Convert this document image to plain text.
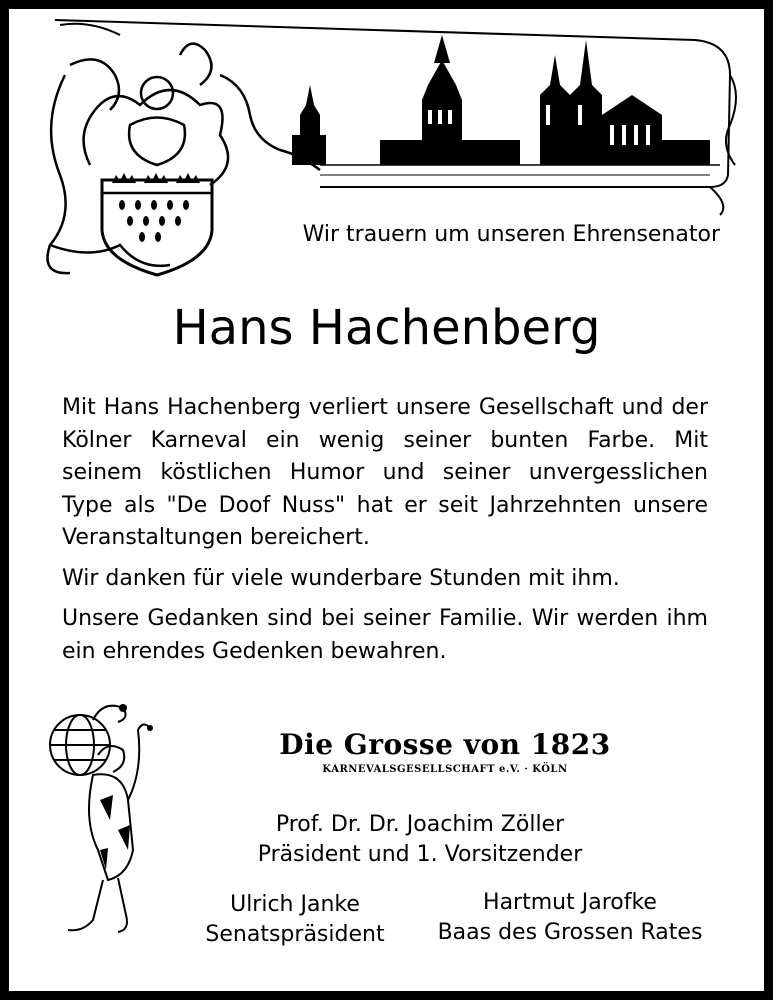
Wir trauern um unseren Ehrensenator
Hans Hachenberg

Mit Hans Hachenberg verliert unsere Gesellschaft und der Kölner Karneval ein wenig seiner bunten Farbe. Mit seinem köstlichen Humor und seiner unvergesslichen Type als "De Doof Nuss" hat er seit Jahrzehnten unsere Veranstaltungen bereichert.

Wir danken für viele wunderbare Stunden mit ihm.

Unsere Gedanken sind bei seiner Familie. Wir werden ihm ein ehrendes Gedenken bewahren.

Die Grosse von 1823
KARNEVALSGESELLSCHAFT e.V. · KÖLN
Prof. Dr. Dr. Joachim Zöller
Präsident und 1. Vorsitzender
Ulrich Janke
Senatspräsident
Hartmut Jarofke
Baas des Grossen Rates
